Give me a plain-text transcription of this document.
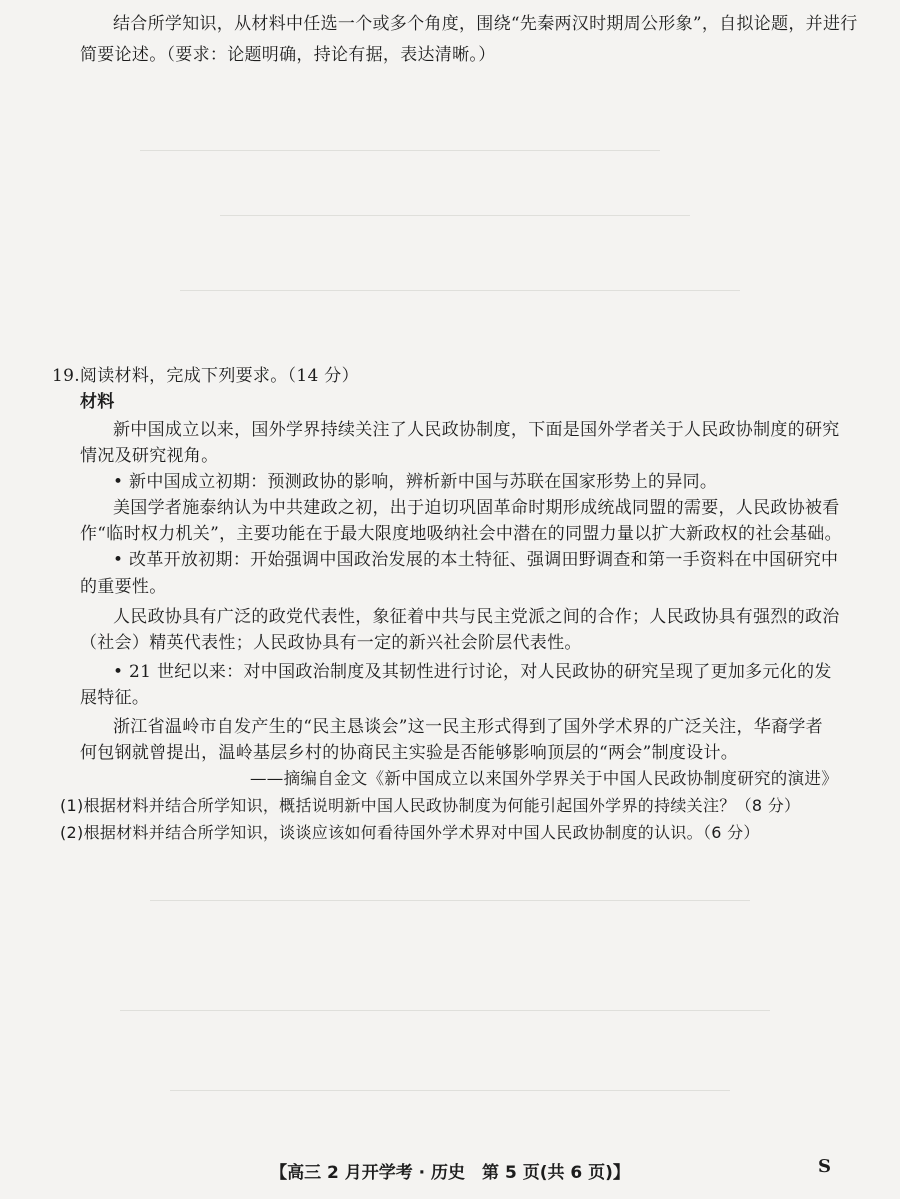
结合所学知识，从材料中任选一个或多个角度，围绕“先秦两汉时期周公形象”，自拟论题，并进行
简要论述。（要求：论题明确，持论有据，表达清晰。）
19.阅读材料，完成下列要求。（14 分）
材料
新中国成立以来，国外学界持续关注了人民政协制度，下面是国外学者关于人民政协制度的研究
情况及研究视角。
• 新中国成立初期：预测政协的影响，辨析新中国与苏联在国家形势上的异同。
美国学者施泰纳认为中共建政之初，出于迫切巩固革命时期形成统战同盟的需要，人民政协被看
作“临时权力机关”，主要功能在于最大限度地吸纳社会中潜在的同盟力量以扩大新政权的社会基础。
• 改革开放初期：开始强调中国政治发展的本土特征、强调田野调查和第一手资料在中国研究中
的重要性。
人民政协具有广泛的政党代表性，象征着中共与民主党派之间的合作；人民政协具有强烈的政治
（社会）精英代表性；人民政协具有一定的新兴社会阶层代表性。
• 21 世纪以来：对中国政治制度及其韧性进行讨论，对人民政协的研究呈现了更加多元化的发
展特征。
浙江省温岭市自发产生的“民主恳谈会”这一民主形式得到了国外学术界的广泛关注，华裔学者
何包钢就曾提出，温岭基层乡村的协商民主实验是否能够影响顶层的“两会”制度设计。
——摘编自金文《新中国成立以来国外学界关于中国人民政协制度研究的演进》
(1)根据材料并结合所学知识，概括说明新中国人民政协制度为何能引起国外学界的持续关注？（8 分）
(2)根据材料并结合所学知识，谈谈应该如何看待国外学术界对中国人民政协制度的认识。（6 分）
【高三 2 月开学考 · 历史　第 5 页(共 6 页)】	S
